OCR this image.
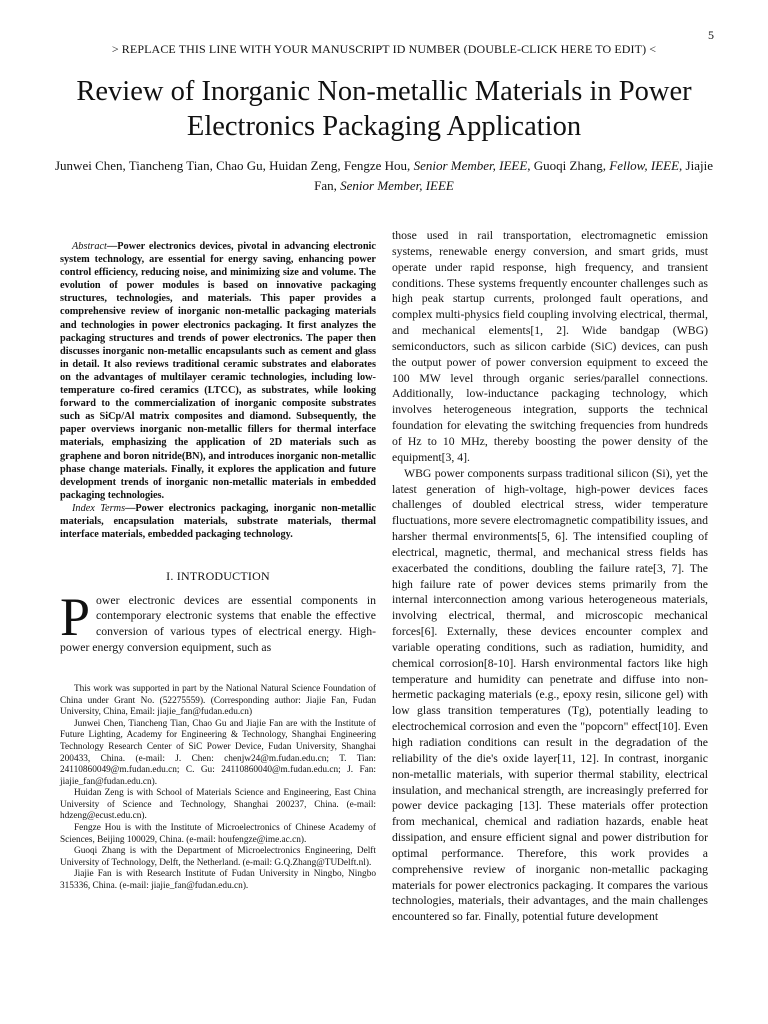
5
> REPLACE THIS LINE WITH YOUR MANUSCRIPT ID NUMBER (DOUBLE-CLICK HERE TO EDIT) <
Review of Inorganic Non-metallic Materials in Power Electronics Packaging Application
Junwei Chen, Tiancheng Tian, Chao Gu, Huidan Zeng, Fengze Hou, Senior Member, IEEE, Guoqi Zhang, Fellow, IEEE, Jiajie Fan, Senior Member, IEEE

Abstract—Power electronics devices, pivotal in advancing electronic system technology, are essential for energy saving, enhancing power control efficiency, reducing noise, and minimizing size and volume. The evolution of power modules is based on innovative packaging structures, technologies, and materials. This paper provides a comprehensive review of inorganic non-metallic packaging materials and technologies in power electronics packaging. It first analyzes the packaging structures and trends of power electronics. The paper then discusses inorganic non-metallic encapsulants such as cement and glass in detail. It also reviews traditional ceramic substrates and elaborates on the advantages of multilayer ceramic technologies, including low-temperature co-fired ceramics (LTCC), as substrates, while looking forward to the commercialization of inorganic composite substrates such as SiCp/Al matrix composites and diamond. Subsequently, the paper overviews inorganic non-metallic fillers for thermal interface materials, emphasizing the application of 2D materials such as graphene and boron nitride(BN), and introduces inorganic non-metallic phase change materials. Finally, it explores the application and future development trends of inorganic non-metallic materials in embedded packaging technologies.

Index Terms—Power electronics packaging, inorganic non-metallic materials, encapsulation materials, substrate materials, thermal interface materials, embedded packaging technology.

I. INTRODUCTION

Power electronic devices are essential components in contemporary electronic systems that enable the effective conversion of various types of electrical energy. High-power energy conversion equipment, such as

This work was supported in part by the National Natural Science Foundation of China under Grant No. (52275559). (Corresponding author: Jiajie Fan, Fudan University, China, Email: jiajie_fan@fudan.edu.cn)

Junwei Chen, Tiancheng Tian, Chao Gu and Jiajie Fan are with the Institute of Future Lighting, Academy for Engineering & Technology, Shanghai Engineering Technology Research Center of SiC Power Device, Fudan University, Shanghai 200433, China. (e-mail: J. Chen: chenjw24@m.fudan.edu.cn; T. Tian: 24110860049@m.fudan.edu.cn; C. Gu: 24110860040@m.fudan.edu.cn; J. Fan: jiajie_fan@fudan.edu.cn).

Huidan Zeng is with School of Materials Science and Engineering, East China University of Science and Technology, Shanghai 200237, China. (e-mail: hdzeng@ecust.edu.cn).

Fengze Hou is with the Institute of Microelectronics of Chinese Academy of Sciences, Beijing 100029, China. (e-mail: houfengze@ime.ac.cn).

Guoqi Zhang is with the Department of Microelectronics Engineering, Delft University of Technology, Delft, the Netherland. (e-mail: G.Q.Zhang@TUDelft.nl).

Jiajie Fan is with Research Institute of Fudan University in Ningbo, Ningbo 315336, China. (e-mail: jiajie_fan@fudan.edu.cn).

those used in rail transportation, electromagnetic emission systems, renewable energy conversion, and smart grids, must operate under rapid response, high frequency, and transient conditions. These systems frequently encounter challenges such as high peak startup currents, prolonged fault operations, and complex multi-physics field coupling involving electrical, thermal, and mechanical elements[1, 2]. Wide bandgap (WBG) semiconductors, such as silicon carbide (SiC) devices, can push the output power of power conversion equipment to exceed the 100 MW level through organic series/parallel connections. Additionally, low-inductance packaging technology, which involves heterogeneous integration, supports the technical foundation for elevating the switching frequencies from hundreds of Hz to 10 MHz, thereby boosting the power density of the equipment[3, 4].

WBG power components surpass traditional silicon (Si), yet the latest generation of high-voltage, high-power devices faces challenges of doubled electrical stress, wider temperature fluctuations, more severe electromagnetic compatibility issues, and harsher thermal environments[5, 6]. The intensified coupling of electrical, magnetic, thermal, and mechanical stress fields has exacerbated the conditions, doubling the failure rate[3, 7]. The high failure rate of power devices stems primarily from the internal interconnection among various heterogeneous materials, involving electrical, thermal, and microscopic mechanical forces[6]. Externally, these devices encounter complex and variable operating conditions, such as radiation, humidity, and chemical corrosion[8-10]. Harsh environmental factors like high temperature and humidity can penetrate and diffuse into non-hermetic packaging materials (e.g., epoxy resin, silicone gel) with low glass transition temperatures (Tg), potentially leading to electrochemical corrosion and even the "popcorn" effect[10]. Even high radiation conditions can result in the degradation of the reliability of the die's oxide layer[11, 12]. In contrast, inorganic non-metallic materials, with superior thermal stability, electrical insulation, and mechanical strength, are increasingly preferred for power device packaging [13]. These materials offer protection from mechanical, chemical and radiation hazards, enable heat dissipation, and ensure efficient signal and power distribution for optimal performance. Therefore, this work provides a comprehensive review of inorganic non-metallic packaging materials for power electronics packaging. It compares the various technologies, materials, their advantages, and the main challenges encountered so far. Finally, potential future development
